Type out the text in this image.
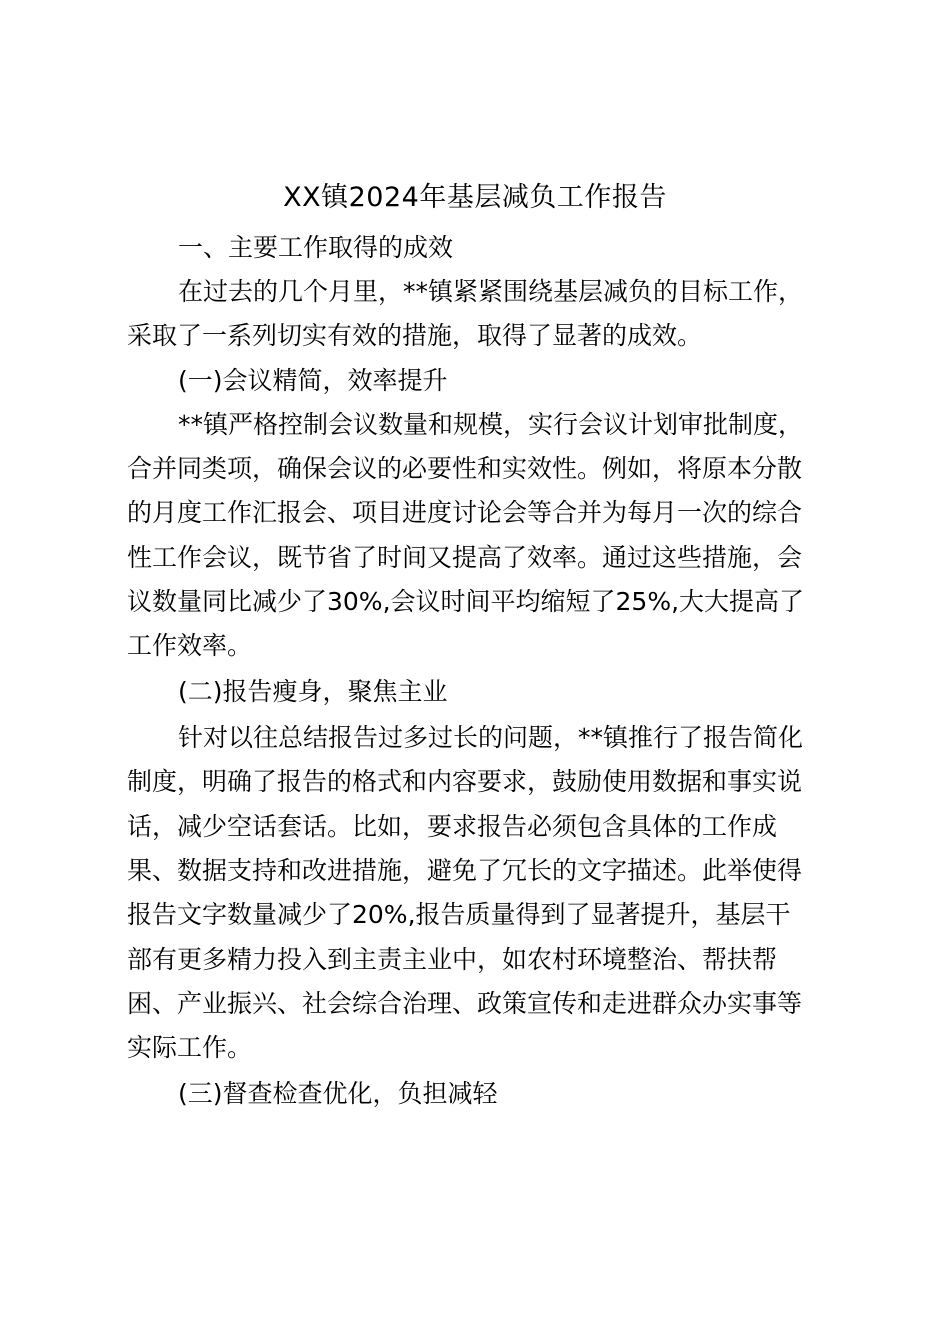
XX镇2024年基层减负工作报告

一、主要工作取得的成效

在过去的几个月里，**镇紧紧围绕基层减负的目标工作，

采取了一系列切实有效的措施，取得了显著的成效。

(一)会议精简，效率提升

**镇严格控制会议数量和规模，实行会议计划审批制度，

合并同类项，确保会议的必要性和实效性。例如，将原本分散

的月度工作汇报会、项目进度讨论会等合并为每月一次的综合

性工作会议，既节省了时间又提高了效率。通过这些措施，会

议数量同比减少了30%,会议时间平均缩短了25%,大大提高了

工作效率。

(二)报告瘦身，聚焦主业

针对以往总结报告过多过长的问题，**镇推行了报告简化

制度，明确了报告的格式和内容要求，鼓励使用数据和事实说

话，减少空话套话。比如，要求报告必须包含具体的工作成

果、数据支持和改进措施，避免了冗长的文字描述。此举使得

报告文字数量减少了20%,报告质量得到了显著提升，基层干

部有更多精力投入到主责主业中，如农村环境整治、帮扶帮

困、产业振兴、社会综合治理、政策宣传和走进群众办实事等

实际工作。

(三)督查检查优化，负担减轻
